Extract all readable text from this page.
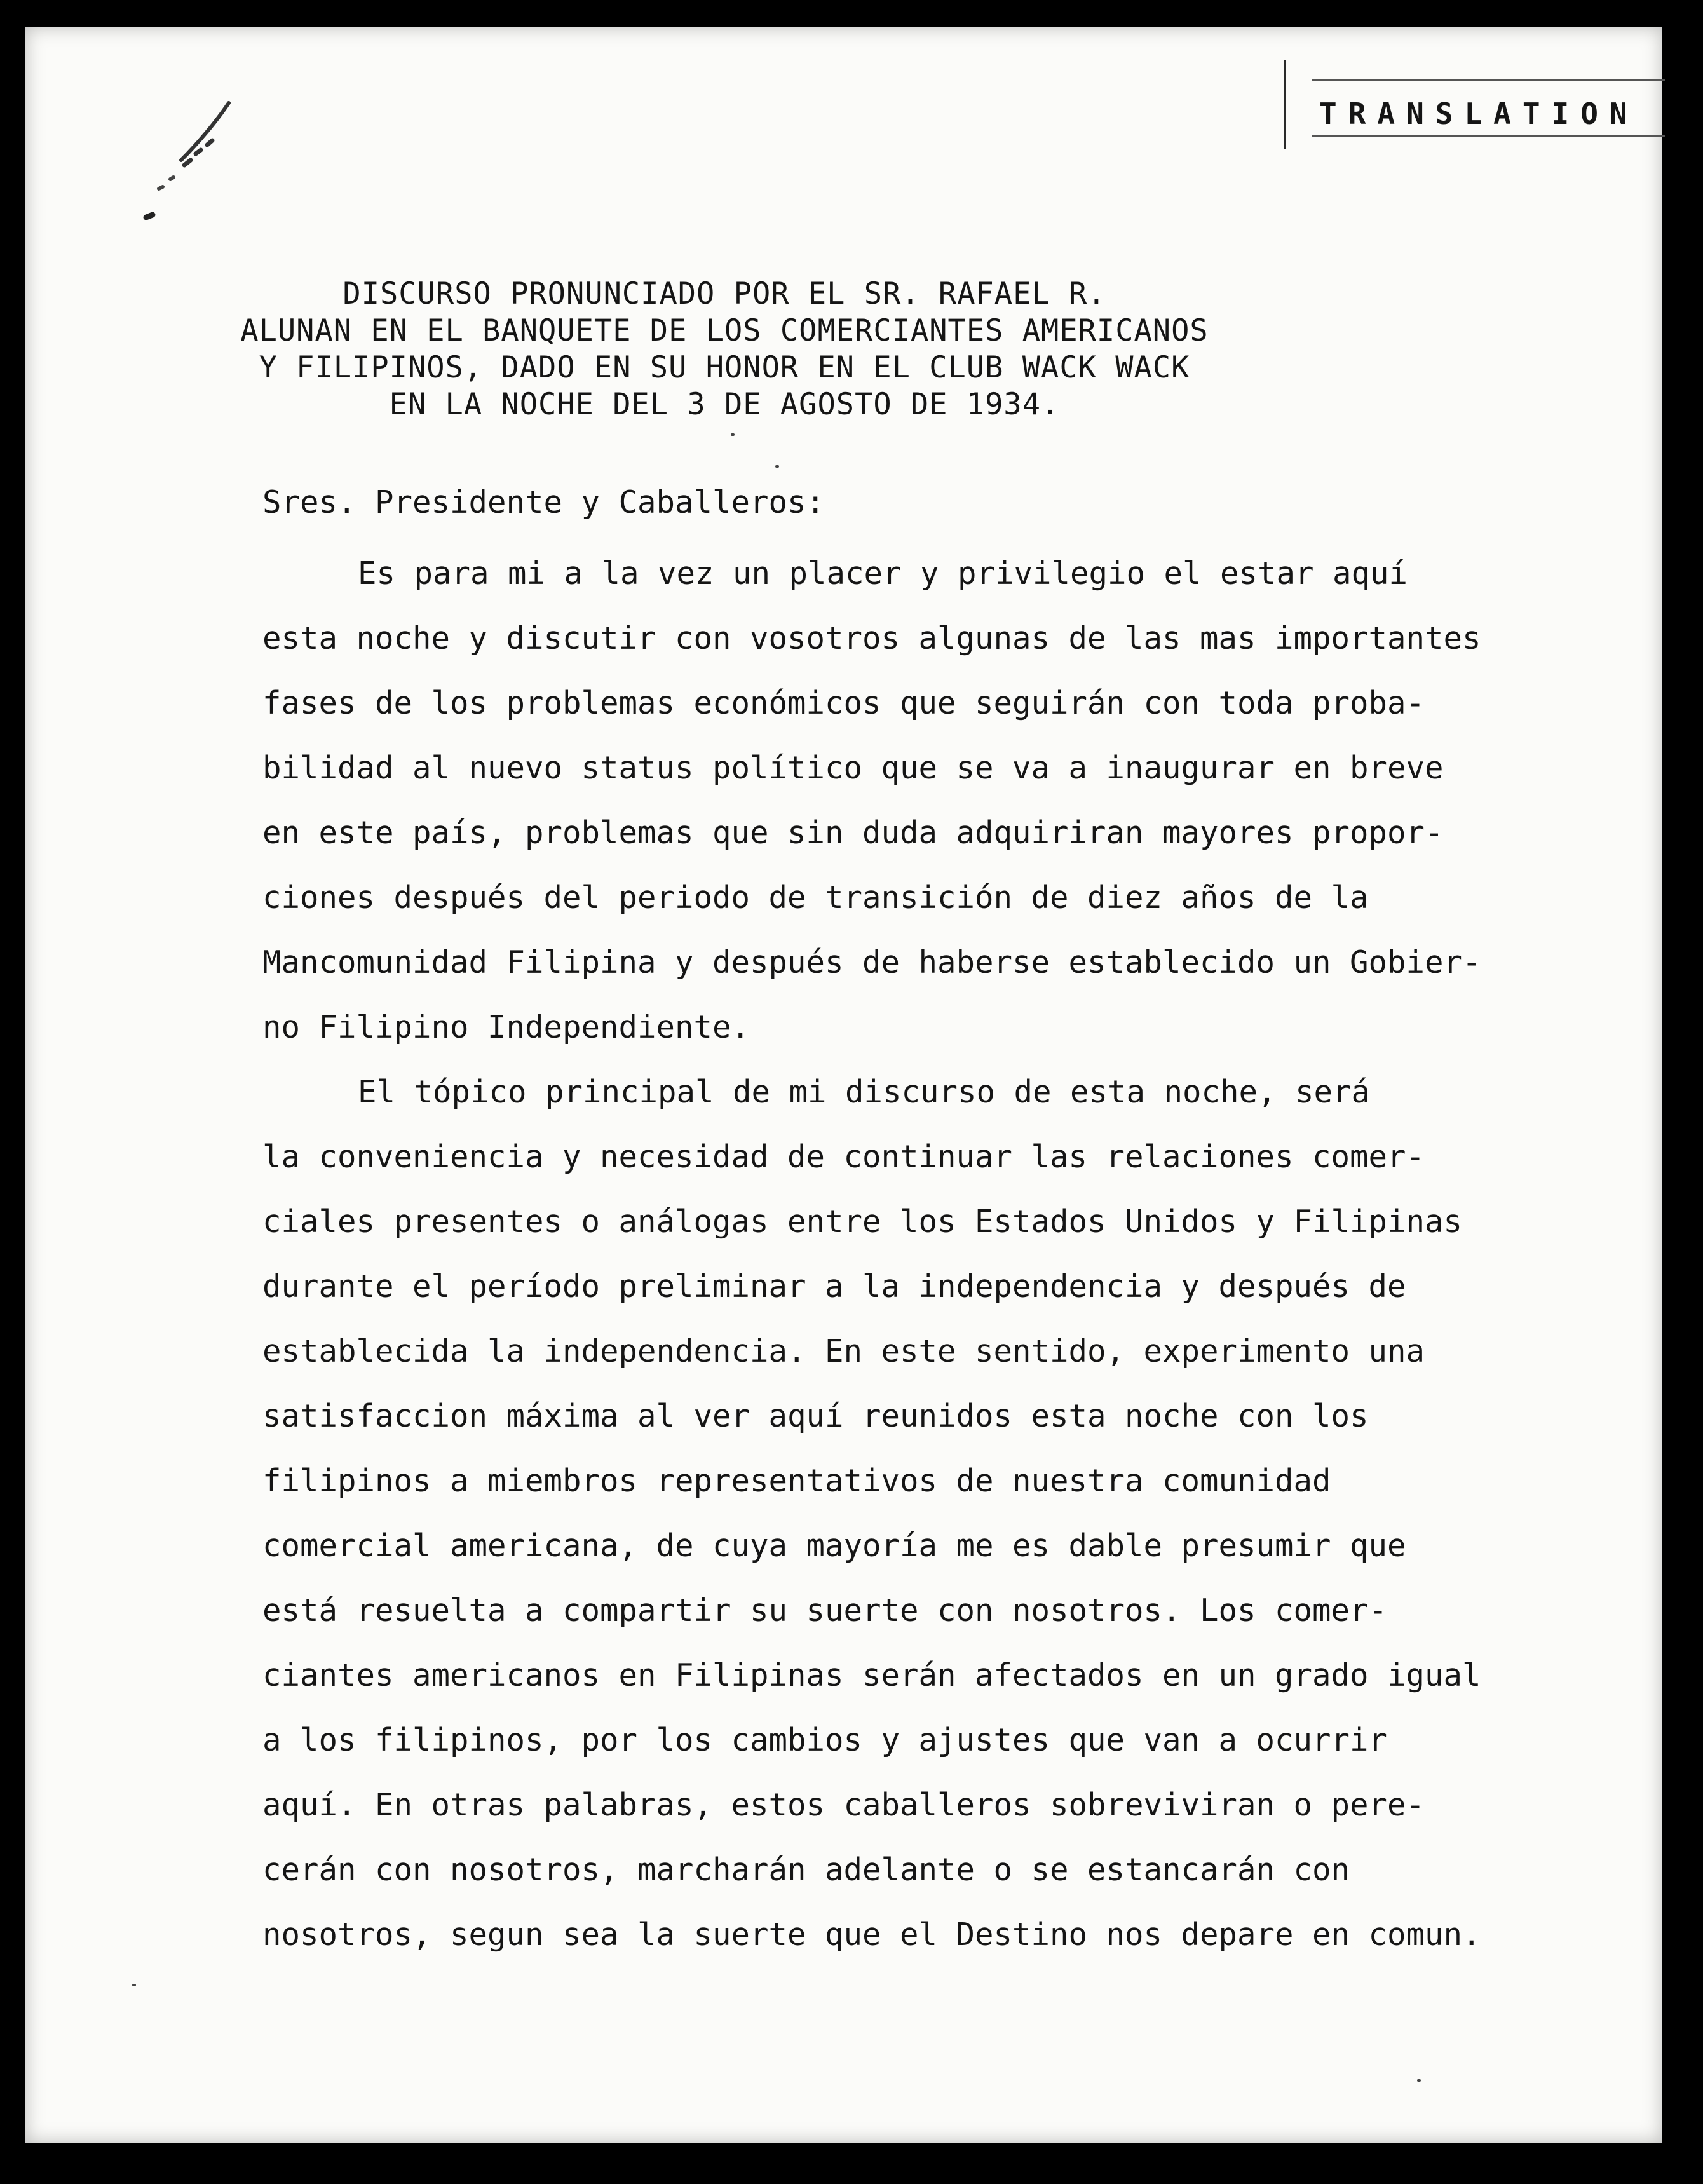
TRANSLATION
DISCURSO PRONUNCIADO POR EL SR. RAFAEL R.
ALUNAN EN EL BANQUETE DE LOS COMERCIANTES AMERICANOS
Y FILIPINOS, DADO EN SU HONOR EN EL CLUB WACK WACK
EN LA NOCHE DEL 3 DE AGOSTO DE 1934.
Sres. Presidente y Caballeros:
Es para mi a la vez un placer y privilegio el estar aquí
esta noche y discutir con vosotros algunas de las mas importantes
fases de los problemas económicos que seguirán con toda proba-
bilidad al nuevo status político que se va a inaugurar en breve
en este país, problemas que sin duda adquiriran mayores propor-
ciones después del periodo de transición de diez años de la
Mancomunidad Filipina y después de haberse establecido un Gobier-
no Filipino Independiente.
El tópico principal de mi discurso de esta noche, será
la conveniencia y necesidad de continuar las relaciones comer-
ciales presentes o análogas entre los Estados Unidos y Filipinas
durante el período preliminar a la independencia y después de
establecida la independencia. En este sentido, experimento una
satisfaccion máxima al ver aquí reunidos esta noche con los
filipinos a miembros representativos de nuestra comunidad
comercial americana, de cuya mayoría me es dable presumir que
está resuelta a compartir su suerte con nosotros. Los comer-
ciantes americanos en Filipinas serán afectados en un grado igual
a los filipinos, por los cambios y ajustes que van a ocurrir
aquí. En otras palabras, estos caballeros sobreviviran o pere-
cerán con nosotros, marcharán adelante o se estancarán con
nosotros, segun sea la suerte que el Destino nos depare en comun.
